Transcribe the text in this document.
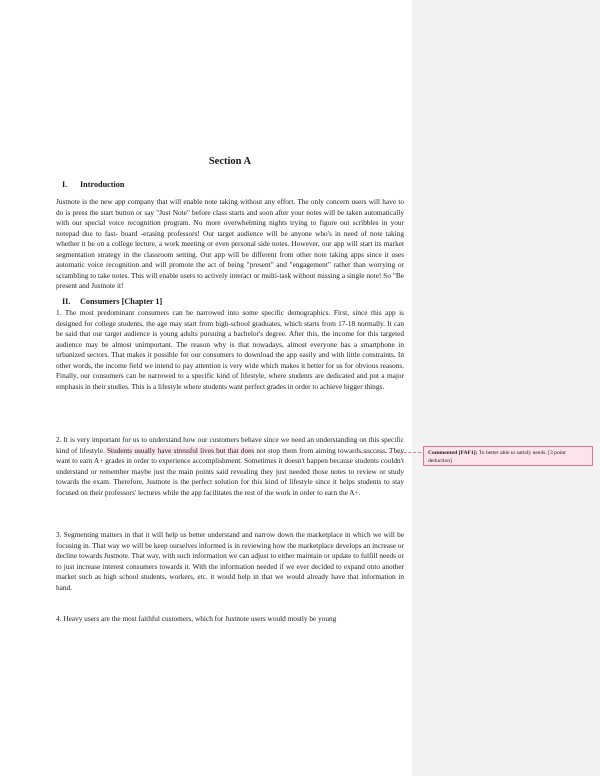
Section A
I. Introduction

Justnote is the new app company that will enable note taking without any effort. The only concern users will have to do is press the start button or say "Just Note" before class starts and soon after your notes will be taken automatically with our special voice recognition program. No more overwhelming nights trying to figure out scribbles in your notepad due to fast- board -erasing professors! Our target audience will be anyone who's in need of note taking whether it be on a college lecture, a work meeting or even personal side notes. However, our app will start its market segmentation strategy in the classroom setting. Our app will be different from other note taking apps since it uses automatic voice recognition and will promote the act of being "present" and "engagement" rather than worrying or scrambling to take notes. This will enable users to actively interact or multi-task without missing a single note! So "Be present and Justnote it!

II. Consumers [Chapter 1]

1. The most predominant consumers can be narrowed into some specific demographics. First, since this app is designed for college students, the age may start from high-school graduates, which starts from 17-18 normally. It can be said that our target audience is young adults pursuing a bachelor's degree. After this, the income for this targeted audience may be almost unimportant. The reason why is that nowadays, almost everyone has a smartphone in urbanized sectors. That makes it possible for our consumers to download the app easily and with little constraints. In other words, the income field we intend to pay attention is very wide which makes it better for us for obvious reasons. Finally, our consumers can be narrowed to a specific kind of lifestyle, where students are dedicated and put a major emphasis in their studies. This is a lifestyle where students want perfect grades in order to achieve bigger things.

2. It is very important for us to understand how our customers behave since we need an understanding on this specific kind of lifestyle. Students usually have stressful lives but that does not stop them from aiming towards success. They want to earn A+ grades in order to experience accomplishment. Sometimes it doesn't happen because students couldn't understand or remember maybe just the main points said revealing they just needed those notes to review or study towards the exam. Therefore, Justnote is the perfect solution for this kind of lifestyle since it helps students to stay focused on their professors' lectures while the app facilitates the rest of the work in order to earn the A+.

3. Segmenting matters in that it will help us better understand and narrow down the marketplace in which we will be focusing in. That way we will be keep ourselves informed is in reviewing how the marketplace develops an increase or decline towards Justnote. That way, with such information we can adjust to either maintain or update to fulfill needs or to just increase interest consumers towards it. With the information needed if we ever decided to expand onto another market such as high school students, workers, etc. it would help in that we would already have that information in hand.

4. Heavy users are the most faithful customers, which for Justnote users would mostly be young

Commented [FAF1]: To better able to satisfy needs. [3 point deduction]
